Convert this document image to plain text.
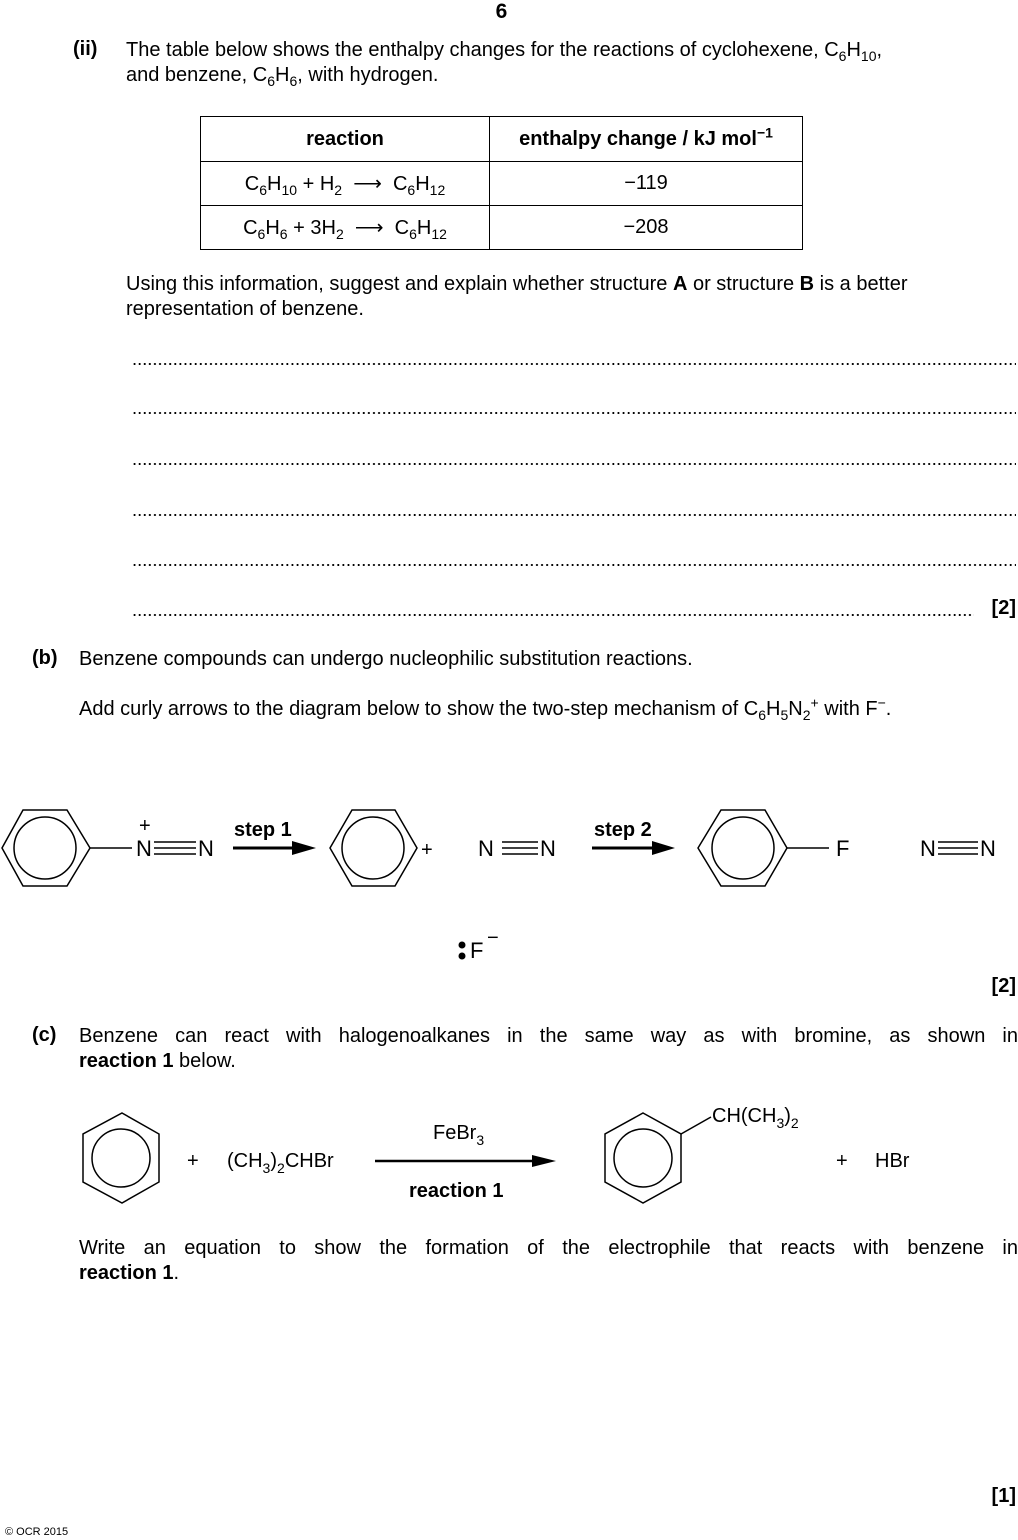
6
(ii) The table below shows the enthalpy changes for the reactions of cyclohexene, $C_6H_{10}$,
and benzene, $C_6H_6$, with hydrogen.
reaction	enthalpy change / kJ mol$^{-1}$
$C_6H_{10} + H_2$  ⟶  $C_6H_{12}$	−119
$C_6H_6 + 3H_2$  ⟶  $C_6H_{12}$	−208
Using this information, suggest and explain whether structure A or structure B is a better
representation of benzene.
[2]
(b) Benzene compounds can undergo nucleophilic substitution reactions.
Add curly arrows to the diagram below to show the two-step mechanism of $C_6H_5N_2^+$ with F−.
+
N N
step 1
+ N N
step 2
F	N N
F −
[2]
(c) Benzene can react with halogenoalkanes in the same way as with bromine, as shown in
reaction 1 below.
+ $(CH_3)_2CHBr$
FeBr$_3$
reaction 1
$CH(CH_3)_2$
+ HBr
Write an equation to show the formation of the electrophile that reacts with benzene in
reaction 1.
[1]
© OCR 2015
